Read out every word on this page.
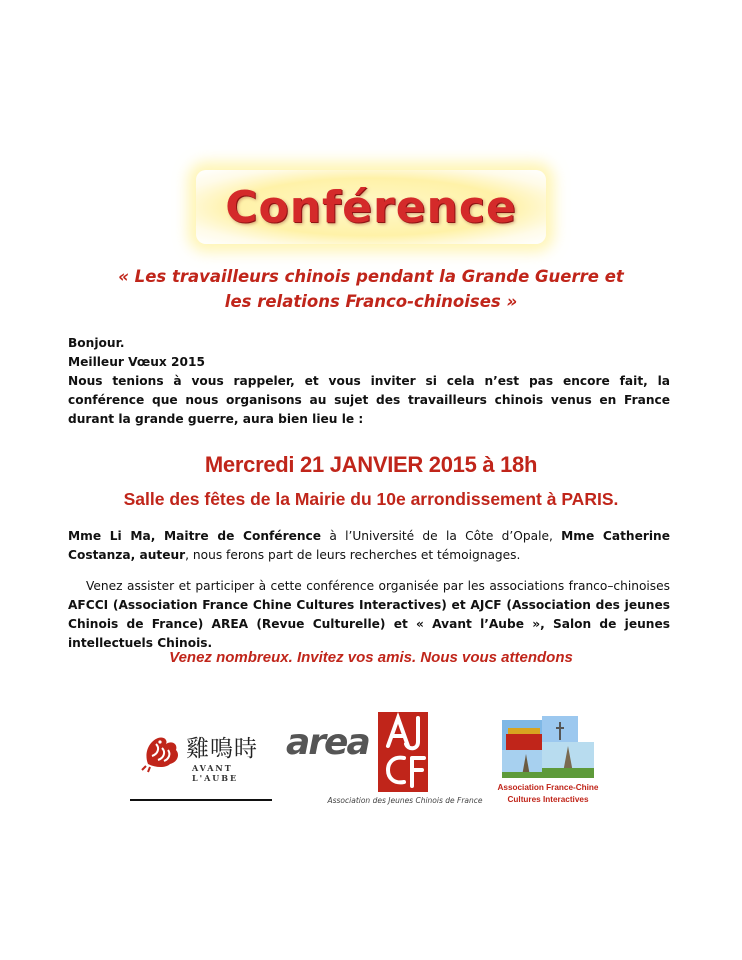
Conférence
« Les travailleurs chinois pendant la Grande Guerre et
les relations Franco-chinoises »
Bonjour.
Meilleur Vœux 2015
Nous tenions à vous rappeler, et vous inviter si cela n’est pas encore fait, la conférence que nous organisons au sujet des travailleurs chinois venus en France durant la grande guerre, aura bien lieu le :
Mercredi 21 JANVIER 2015 à 18h
Salle des fêtes de la Mairie du 10e arrondissement à PARIS.
Mme Li Ma, Maitre de Conférence à l’Université de la Côte d’Opale, Mme Catherine Costanza, auteur, nous ferons part de leurs recherches et témoignages.
Venez assister et participer à cette conférence organisée par les associations franco–chinoises AFCCI (Association France Chine Cultures Interactives) et AJCF (Association des jeunes Chinois de France) AREA (Revue Culturelle) et « Avant l’Aube », Salon de jeunes intellectuels Chinois.
Venez nombreux. Invitez vos amis. Nous vous attendons
雞鳴時
AVANT L'AUBE
area
Association des Jeunes Chinois de France
Association France-Chine
Cultures Interactives
